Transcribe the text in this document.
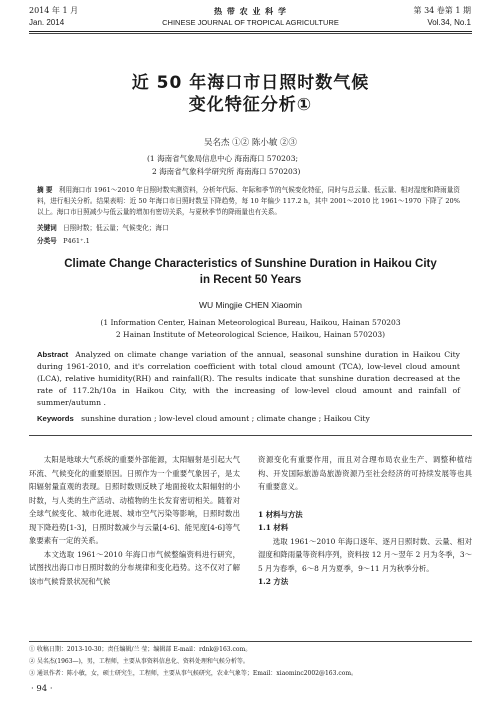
2014 年 1 月
Jan. 2014
热 带 农 业 科 学
CHINESE JOURNAL OF TROPICAL AGRICULTURE
第 34 卷第 1 期
Vol.34, No.1
近 50 年海口市日照时数气候
变化特征分析①
吴名杰 ①② 陈小敏 ②③
(1 海南省气象局信息中心 海南海口 570203;
2 海南省气象科学研究所 海南海口 570203)
摘 要 利用海口市 1961～2010 年日照时数实测资料，分析年代际、年际和季节的气候变化特征，同时与总云量、低云量、相对湿度和降雨量资料，进行相关分析。结果表明：近 50 年海口市日照时数呈下降趋势，每 10 年偏少 117.2 h，其中 2001～2010 比 1961～1970 下降了 20%以上。海口市日照减少与低云量的增加有密切关系，与夏秋季节的降雨量也有关系。
关键词 日照时数；低云量；气候变化；海口
分类号 P461⁺.1
Climate Change Characteristics of Sunshine Duration in Haikou City
in Recent 50 Years
WU Mingjie CHEN Xiaomin
(1 Information Center, Hainan Meteorological Bureau, Haikou, Hainan 570203
2 Hainan Institute of Meteorological Science, Haikou, Hainan 570203)
Abstract Analyzed on climate change variation of the annual, seasonal sunshine duration in Haikou City
during 1961-2010, and it's correlation coefficient with total cloud amount (TCA), low-level cloud amount
(LCA), relative humidity(RH) and rainfall(R). The results indicate that sunshine duration decreased at the
rate of 117.2h/10a in Haikou City, with the increasing of low-level cloud amount and rainfall of
summer/autumn .
Keywords sunshine duration ; low-level cloud amount ; climate change ; Haikou City

太阳是地球大气系统的重要外部能源，太阳辐射是引起大气环流、气候变化的重要原因。日照作为一个重要气象因子，是太阳辐射量直观的表现。日照时数则反映了地面接收太阳辐射的小时数，与人类的生产活动、动植物的生长发育密切相关。随着对全球气候变化、城市化进展、城市空气污染等影响，日照时数出现下降趋势[1-3]，日照时数减少与云量[4-6]、能见度[4-6]等气象要素有一定的关系。

本文选取 1961～2010 年海口市气候整编资料进行研究，试图找出海口市日照时数的分布规律和变化趋势。这不仅对了解该市气候背景状况和气候

资源变化有重要作用，而且对合理布局农业生产、调整种植结构、开发国际旅游岛旅游资源乃至社会经济的可持续发展等也具有重要意义。
1 材料与方法
1.1 材料

选取 1961～2010 年海口逐年、逐月日照时数、云量、相对湿度和降雨量等资料序列，资料按 12 月～翌年 2 月为冬季，3～5 月为春季，6～8 月为夏季，9～11 月为秋季分析。

1.2 方法
① 收稿日期：2013-10-30；责任编辑/兰 莹；编辑部 E-mail：rdnk@163.com。
② 吴名杰(1963—)，男，工程师，主要从事资料信息化、资料处理和气候分析等。
③ 通讯作者：陈小敏，女，硕士研究生，工程师，主要从事气候研究，农业气象等；Email：xiaominc2002@163.com。
· 94 ·
